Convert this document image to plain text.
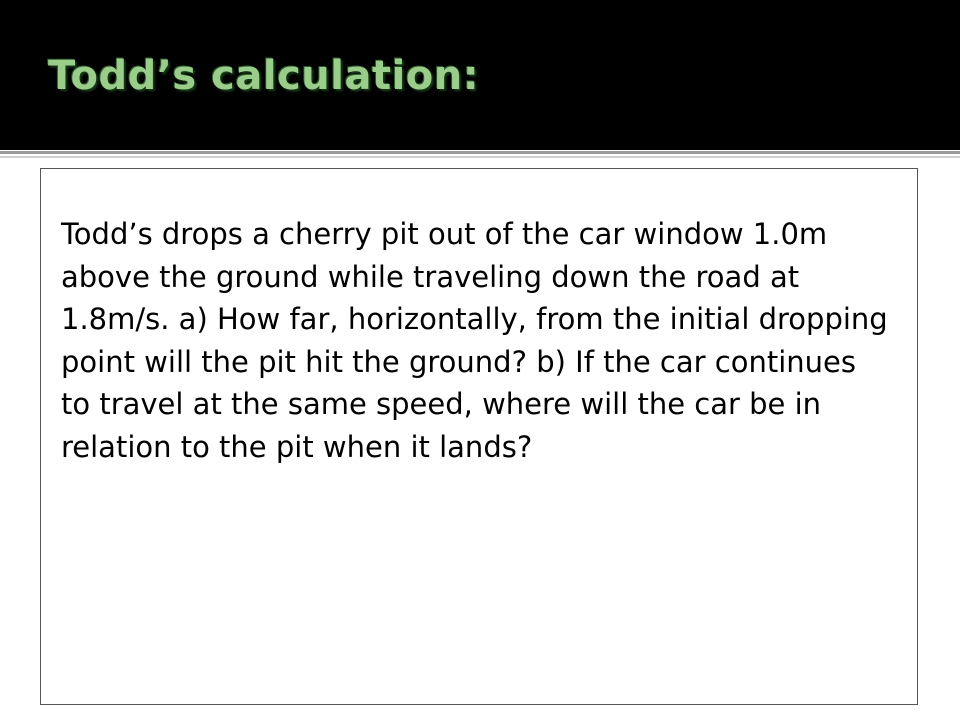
Todd’s calculation:

Todd’s drops a cherry pit out of the car window 1.0m above the ground while traveling down the road at 1.8m/s. a) How far, horizontally, from the initial dropping point will the pit hit the ground? b) If the car continues to travel at the same speed, where will the car be in relation to the pit when it lands?
